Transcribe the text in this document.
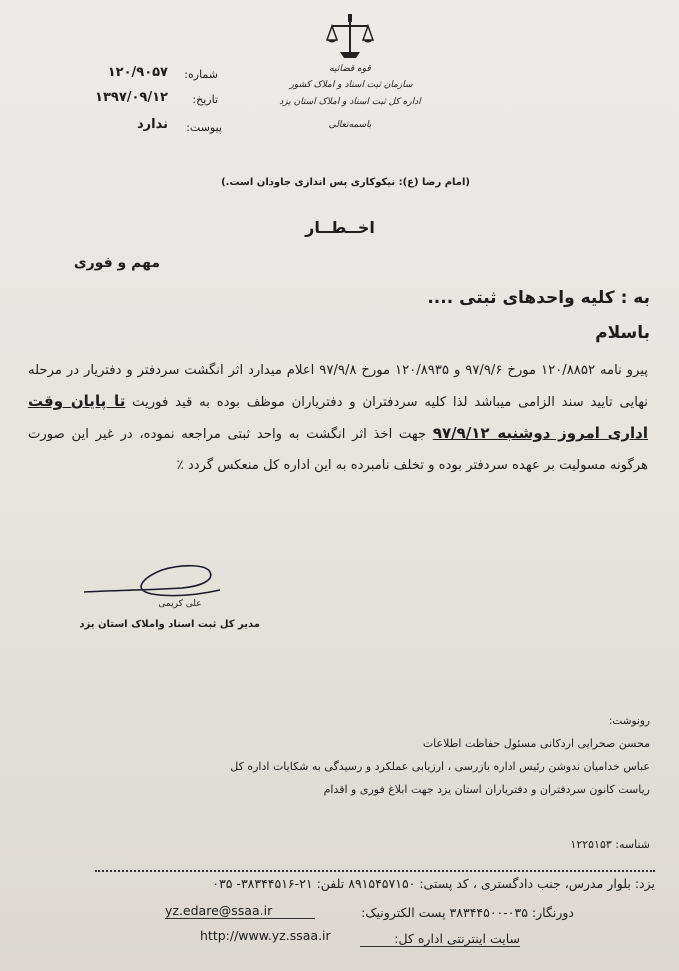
قوه قضائیه
سازمان ثبت اسناد و املاک کشور
اداره کل ثبت اسناد و املاک استان یزد
باسمه‌تعالی
شماره:
۱۲۰/۹۰۵۷
تاریخ:
۱۳۹۷/۰۹/۱۲
پیوست:
ندارد
(امام رضا (ع): نیکوکاری پس اندازی جاودان است.)
اخــطــار
مهم و فوری
به : کلیه واحدهای ثبتی ....
باسلام
پیرو نامه ۱۲۰/۸۸۵۲ مورخ ۹۷/۹/۶ و ۱۲۰/۸۹۳۵ مورخ ۹۷/۹/۸ اعلام میدارد اثر انگشت سردفتر و دفتریار در مرحله نهایی تایید سند الزامی میباشد لذا کلیه سردفتران و دفتریاران موظف بوده به قید فوریت تا پایان وقت اداری امروز دوشنبه ۹۷/۹/۱۲ جهت اخذ اثر انگشت به واحد ثبتی مراجعه نموده، در غیر این صورت هرگونه مسولیت بر عهده سردفتر بوده و تخلف نامبرده به این اداره کل منعکس گردد ٪
علی کریمی
مدیر کل ثبت اسناد واملاک استان یزد
رونوشت:
محسن صحرایی اردکانی مسئول حفاظت اطلاعات
عباس خدامیان ندوشن رئیس اداره بازرسی ، ارزیابی عملکرد و رسیدگی به شکایات اداره کل
ریاست کانون سردفتران و دفتریاران استان یزد جهت ابلاغ فوری و اقدام
شناسه: ۱۲۲۵۱۵۳
یزد: بلوار مدرس، جنب دادگستری ، کد پستی: ۸۹۱۵۴۵۷۱۵۰ تلفن: ۲۱-۳۸۳۴۴۵۱۶- ۰۳۵
دورنگار: ۰۳۵-۳۸۳۴۴۵۰۰ پست الکترونیک:
yz.edare@ssaa.ir
سایت اینترنتی اداره کل:
http://www.yz.ssaa.ir
